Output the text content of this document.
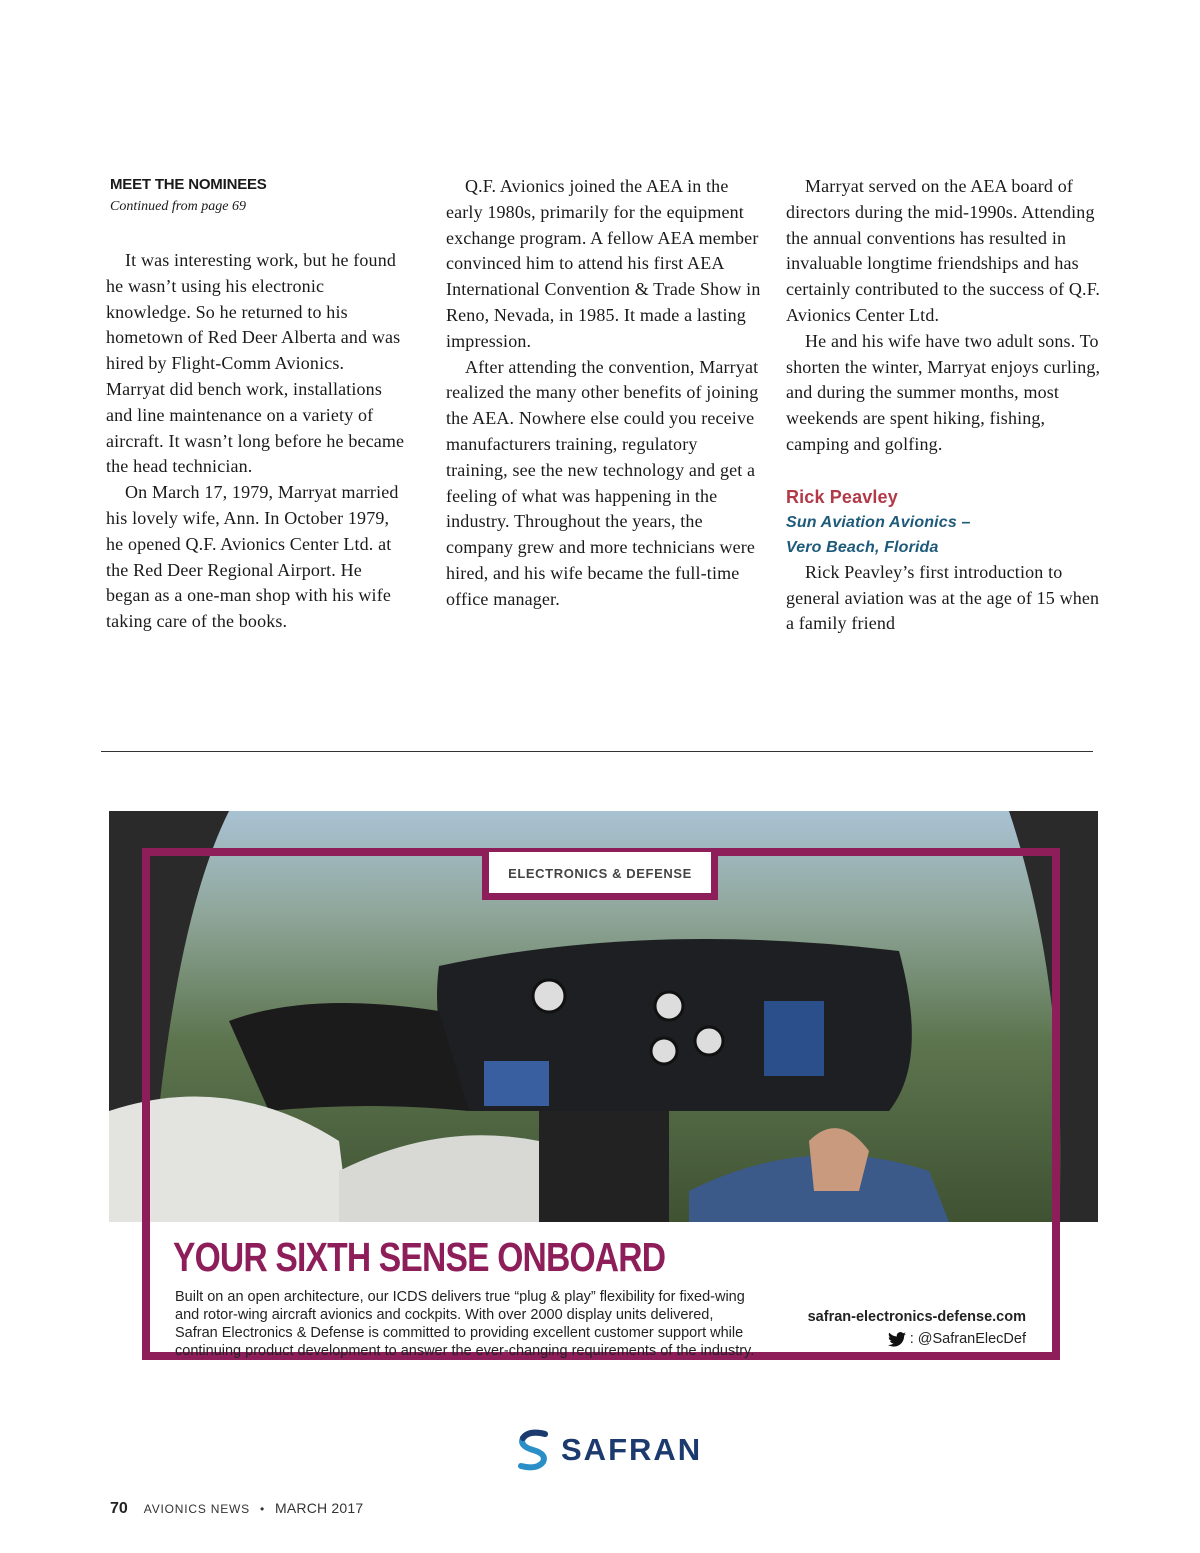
MEET THE NOMINEES
Continued from page 69

It was interesting work, but he found he wasn’t using his electronic knowledge. So he returned to his hometown of Red Deer Alberta and was hired by Flight-Comm Avionics. Marryat did bench work, installations and line maintenance on a variety of aircraft. It wasn’t long before he became the head technician.

On March 17, 1979, Marryat married his lovely wife, Ann. In October 1979, he opened Q.F. Avionics Center Ltd. at the Red Deer Regional Airport. He began as a one-man shop with his wife taking care of the books.

Q.F. Avionics joined the AEA in the early 1980s, primarily for the equipment exchange program. A fellow AEA member convinced him to attend his first AEA International Convention & Trade Show in Reno, Nevada, in 1985. It made a lasting impression.

After attending the convention, Marryat realized the many other benefits of joining the AEA. Nowhere else could you receive manufacturers training, regulatory training, see the new technology and get a feeling of what was happening in the industry. Throughout the years, the company grew and more technicians were hired, and his wife became the full-time office manager.

Marryat served on the AEA board of directors during the mid-1990s. Attending the annual conventions has resulted in invaluable longtime friendships and has certainly contributed to the success of Q.F. Avionics Center Ltd.

He and his wife have two adult sons. To shorten the winter, Marryat enjoys curling, and during the summer months, most weekends are spent hiking, fishing, camping and golfing.

Rick Peavley
Sun Aviation Avionics –
Vero Beach, Florida

Rick Peavley’s first introduction to general aviation was at the age of 15 when a family friend

ELECTRONICS & DEFENSE
YOUR SIXTH SENSE ONBOARD

Built on an open architecture, our ICDS delivers true “plug & play” flexibility for fixed-wing and rotor-wing aircraft avionics and cockpits. With over 2000 display units delivered, Safran Electronics & Defense is committed to providing excellent customer support while continuing product development to answer the ever-changing requirements of the industry.

safran-electronics-defense.com
: @SafranElecDef
SAFRAN
70 AVIONICS NEWS • MARCH 2017
